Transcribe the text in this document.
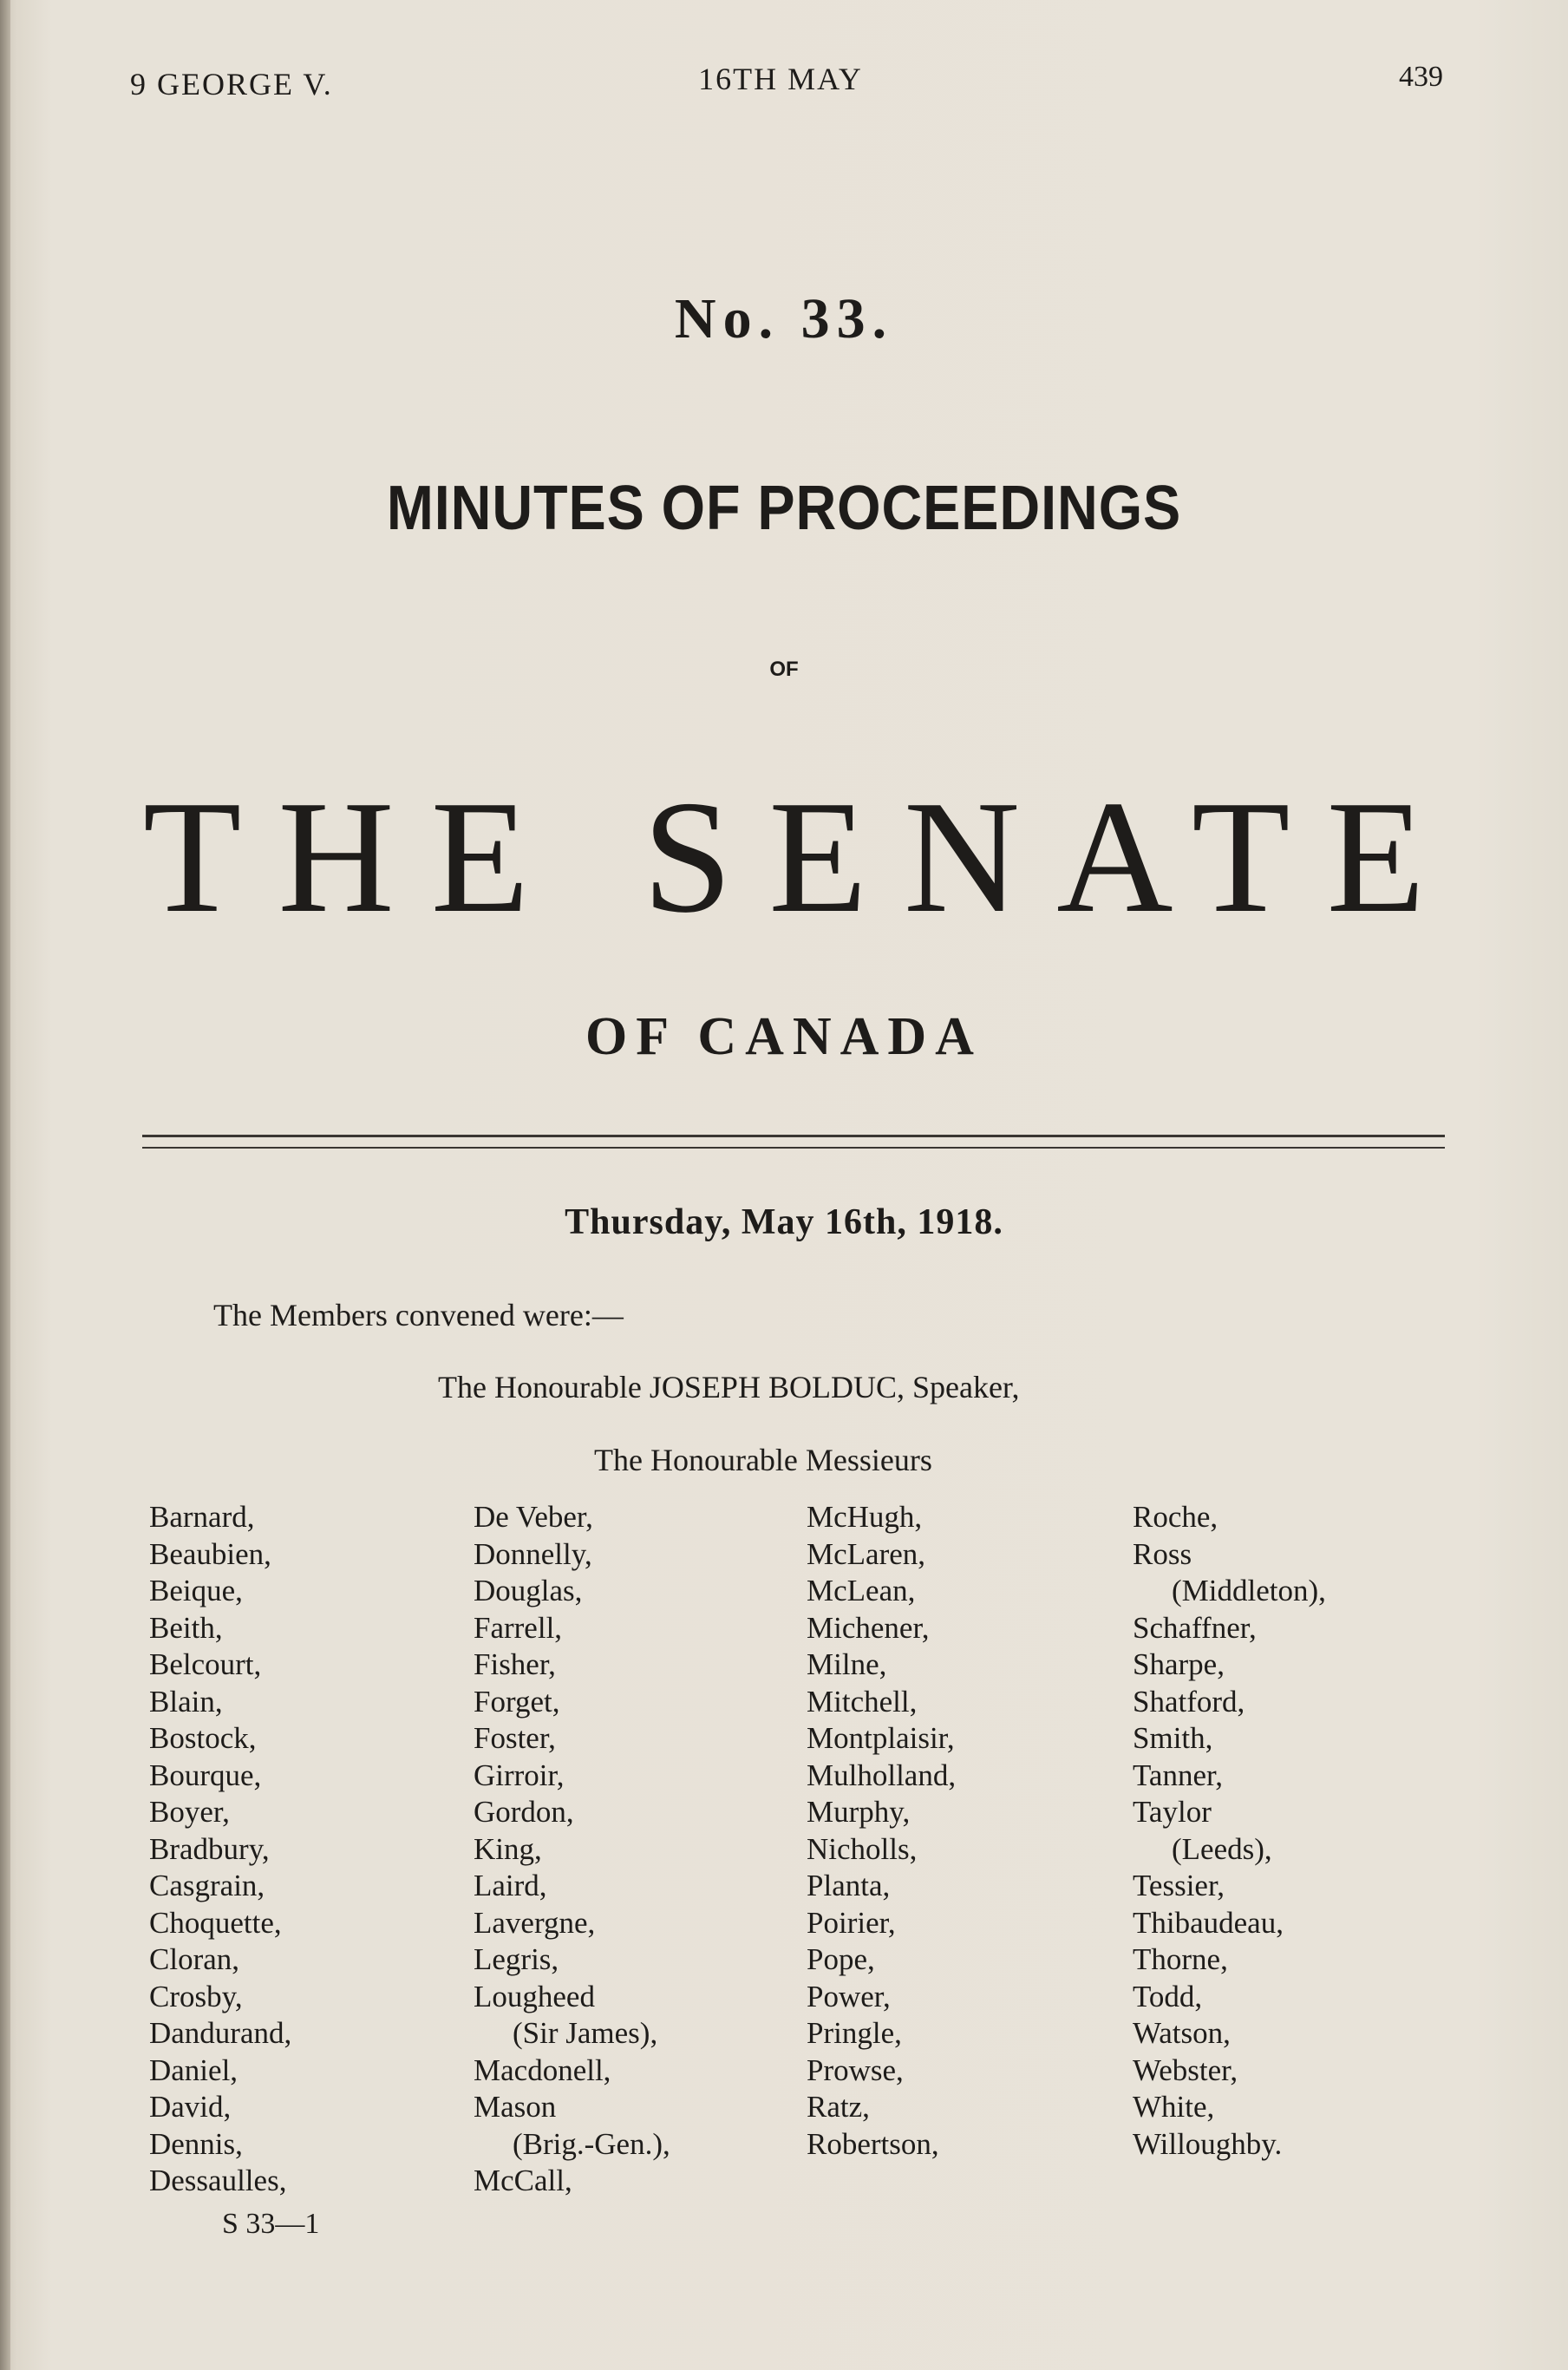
9 GEORGE V.	16TH MAY	439
No. 33.
MINUTES OF PROCEEDINGS
OF
THE SENATE
OF CANADA
Thursday, May 16th, 1918.
The Members convened were:—
The Honourable JOSEPH BOLDUC, Speaker,
The Honourable Messieurs
Barnard,
Beaubien,
Beique,
Beith,
Belcourt,
Blain,
Bostock,
Bourque,
Boyer,
Bradbury,
Casgrain,
Choquette,
Cloran,
Crosby,
Dandurand,
Daniel,
David,
Dennis,
Dessaulles,
De Veber,
Donnelly,
Douglas,
Farrell,
Fisher,
Forget,
Foster,
Girroir,
Gordon,
King,
Laird,
Lavergne,
Legris,
Lougheed
(Sir James),
Macdonell,
Mason
(Brig.-Gen.),
McCall,
McHugh,
McLaren,
McLean,
Michener,
Milne,
Mitchell,
Montplaisir,
Mulholland,
Murphy,
Nicholls,
Planta,
Poirier,
Pope,
Power,
Pringle,
Prowse,
Ratz,
Robertson,
Roche,
Ross
(Middleton),
Schaffner,
Sharpe,
Shatford,
Smith,
Tanner,
Taylor
(Leeds),
Tessier,
Thibaudeau,
Thorne,
Todd,
Watson,
Webster,
White,
Willoughby.
S 33—1
